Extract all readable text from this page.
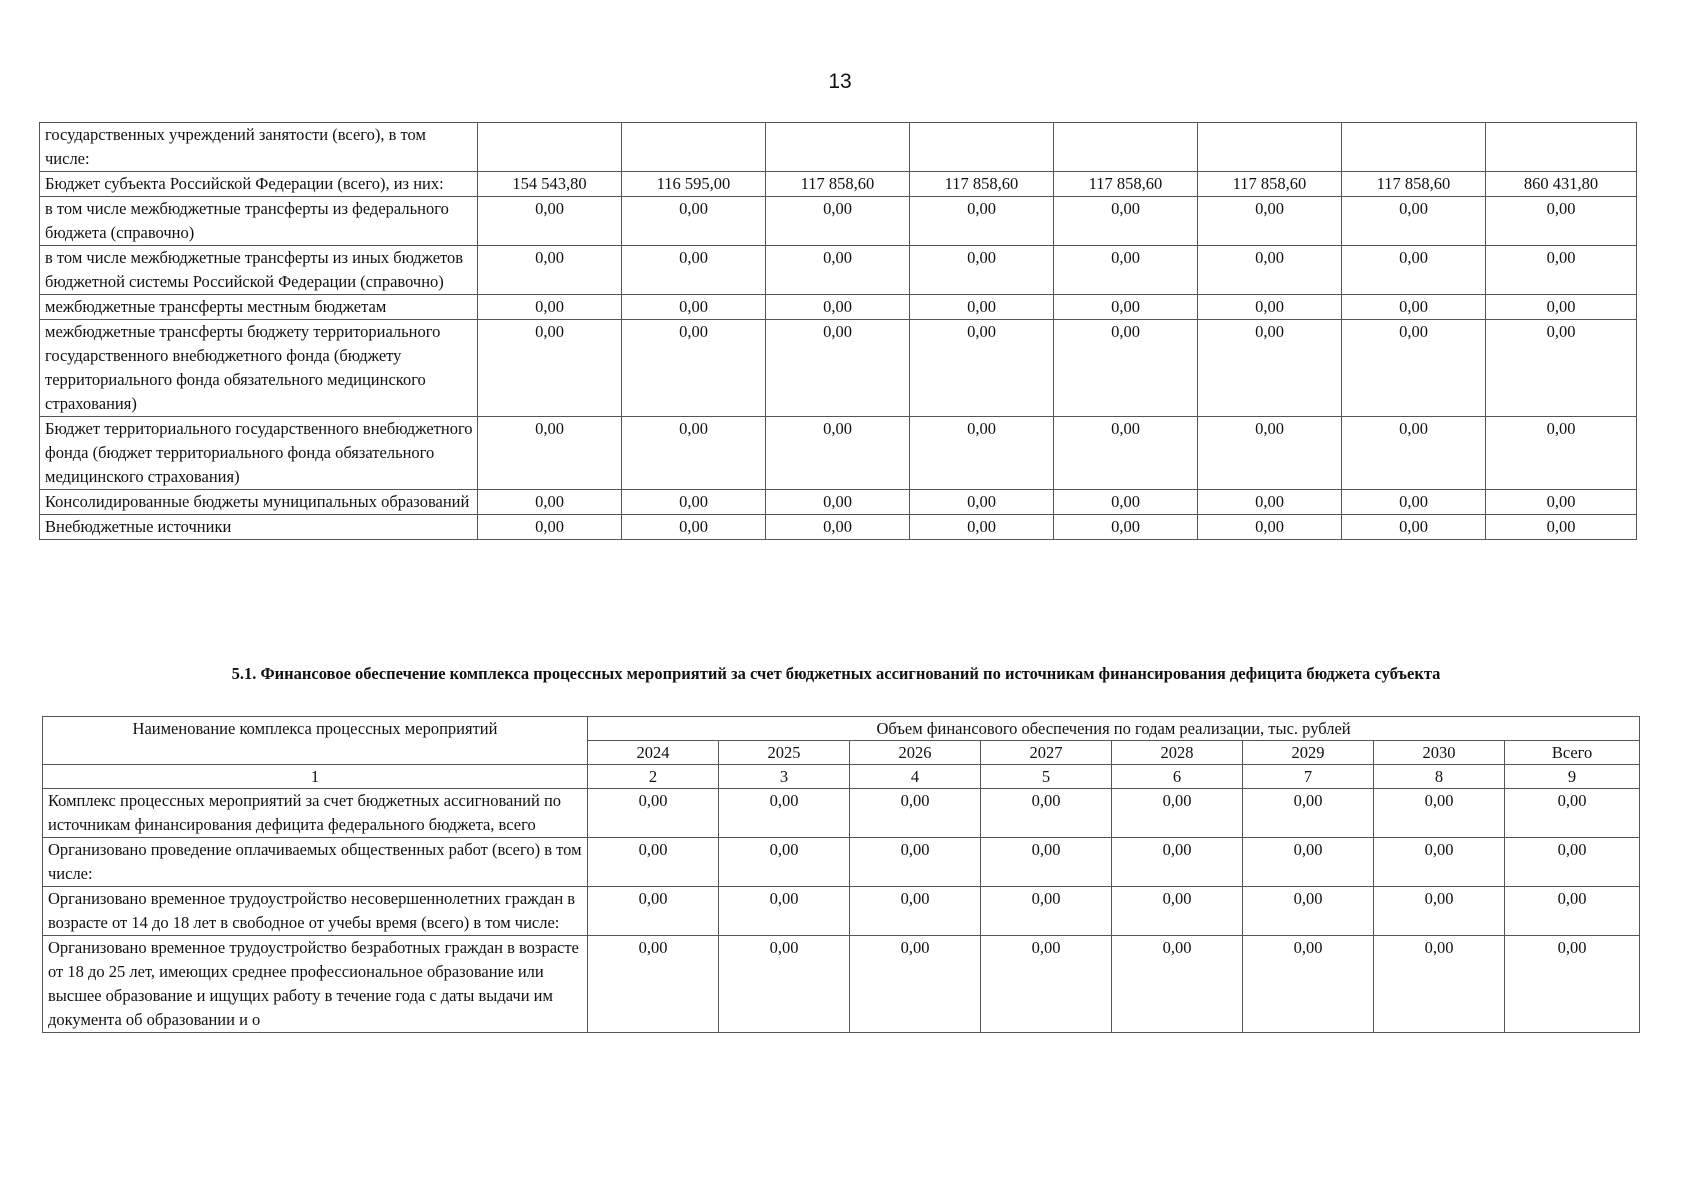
13
государственных учреждений занятости (всего), в том числе:								
Бюджет субъекта Российской Федерации (всего), из них:	154 543,80	116 595,00	117 858,60	117 858,60	117 858,60	117 858,60	117 858,60	860 431,80
в том числе межбюджетные трансферты из федерального бюджета (справочно)	0,00	0,00	0,00	0,00	0,00	0,00	0,00	0,00
в том числе межбюджетные трансферты из иных бюджетов бюджетной системы Российской Федерации (справочно)	0,00	0,00	0,00	0,00	0,00	0,00	0,00	0,00
межбюджетные трансферты местным бюджетам	0,00	0,00	0,00	0,00	0,00	0,00	0,00	0,00
межбюджетные трансферты бюджету территориального государственного внебюджетного фонда (бюджету территориального фонда обязательного медицинского страхования)	0,00	0,00	0,00	0,00	0,00	0,00	0,00	0,00
Бюджет территориального государственного внебюджетного фонда (бюджет территориального фонда обязательного медицинского страхования)	0,00	0,00	0,00	0,00	0,00	0,00	0,00	0,00
Консолидированные бюджеты муниципальных образований	0,00	0,00	0,00	0,00	0,00	0,00	0,00	0,00
Внебюджетные источники	0,00	0,00	0,00	0,00	0,00	0,00	0,00	0,00
5.1. Финансовое обеспечение комплекса процессных мероприятий за счет бюджетных ассигнований по источникам финансирования дефицита бюджета субъекта
Наименование комплекса процессных мероприятий	Объем финансового обеспечения по годам реализации, тыс. рублей							
	2024	2025	2026	2027	2028	2029	2030	Всего
1	2	3	4	5	6	7	8	9
Комплекс процессных мероприятий за счет бюджетных ассигнований по источникам финансирования дефицита федерального бюджета, всего	0,00	0,00	0,00	0,00	0,00	0,00	0,00	0,00
Организовано проведение оплачиваемых общественных работ (всего) в том числе:	0,00	0,00	0,00	0,00	0,00	0,00	0,00	0,00
Организовано временное трудоустройство несовершеннолетних граждан в возрасте от 14 до 18 лет в свободное от учебы время (всего) в том числе:	0,00	0,00	0,00	0,00	0,00	0,00	0,00	0,00
Организовано временное трудоустройство безработных граждан в возрасте от 18 до 25 лет, имеющих среднее профессиональное образование или высшее образование и ищущих работу в течение года с даты выдачи им документа об образовании и о	0,00	0,00	0,00	0,00	0,00	0,00	0,00	0,00
